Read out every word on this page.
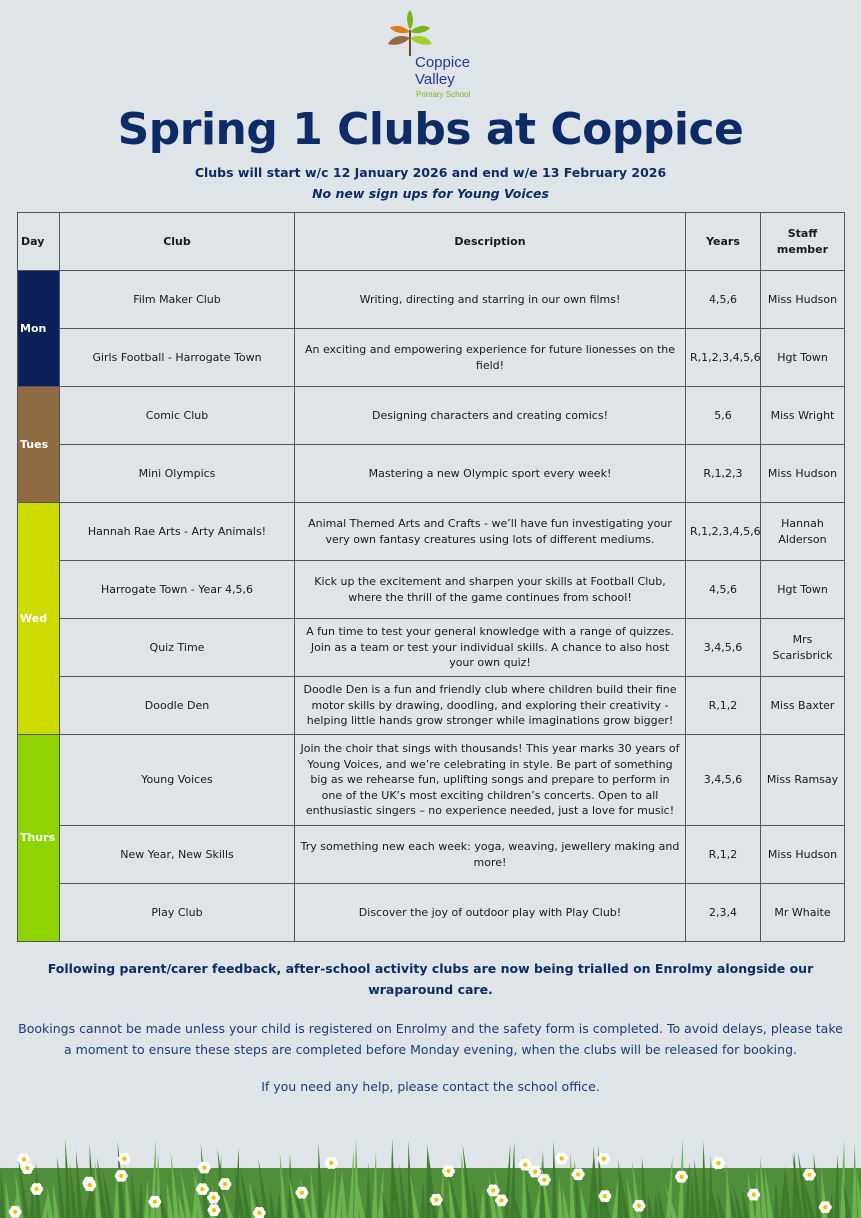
Coppice
Valley
Primary School
Spring 1 Clubs at Coppice
Clubs will start w/c 12 January 2026 and end w/e 13 February 2026
No new sign ups for Young Voices
Day	Club	Description	Years	Staff member
Mon	Film Maker Club	Writing, directing and starring in our own films!	4,5,6	Miss Hudson
	Girls Football - Harrogate Town	An exciting and empowering experience for future lionesses on the field!	R,1,2,3,4,5,6	Hgt Town
Tues	Comic Club	Designing characters and creating comics!	5,6	Miss Wright
	Mini Olympics	Mastering a new Olympic sport every week!	R,1,2,3	Miss Hudson
Wed	Hannah Rae Arts - Arty Animals!	Animal Themed Arts and Crafts - we’ll have fun investigating your very own fantasy creatures using lots of different mediums.	R,1,2,3,4,5,6	Hannah Alderson
	Harrogate Town - Year 4,5,6	Kick up the excitement and sharpen your skills at Football Club, where the thrill of the game continues from school!	4,5,6	Hgt Town
	Quiz Time	A fun time to test your general knowledge with a range of quizzes. Join as a team or test your individual skills. A chance to also host your own quiz!	3,4,5,6	Mrs Scarisbrick
	Doodle Den	Doodle Den is a fun and friendly club where children build their fine motor skills by drawing, doodling, and exploring their creativity - helping little hands grow stronger while imaginations grow bigger!	R,1,2	Miss Baxter
Thurs	Young Voices	Join the choir that sings with thousands! This year marks 30 years of Young Voices, and we’re celebrating in style. Be part of something big as we rehearse fun, uplifting songs and prepare to perform in one of the UK’s most exciting children’s concerts. Open to all enthusiastic singers – no experience needed, just a love for music!	3,4,5,6	Miss Ramsay
	New Year, New Skills	Try something new each week: yoga, weaving, jewellery making and more!	R,1,2	Miss Hudson
	Play Club	Discover the joy of outdoor play with Play Club!	2,3,4	Mr Whaite
Following parent/carer feedback, after-school activity clubs are now being trialled on Enrolmy alongside our wraparound care.
Bookings cannot be made unless your child is registered on Enrolmy and the safety form is completed. To avoid delays, please take a moment to ensure these steps are completed before Monday evening, when the clubs will be released for booking.
If you need any help, please contact the school office.
